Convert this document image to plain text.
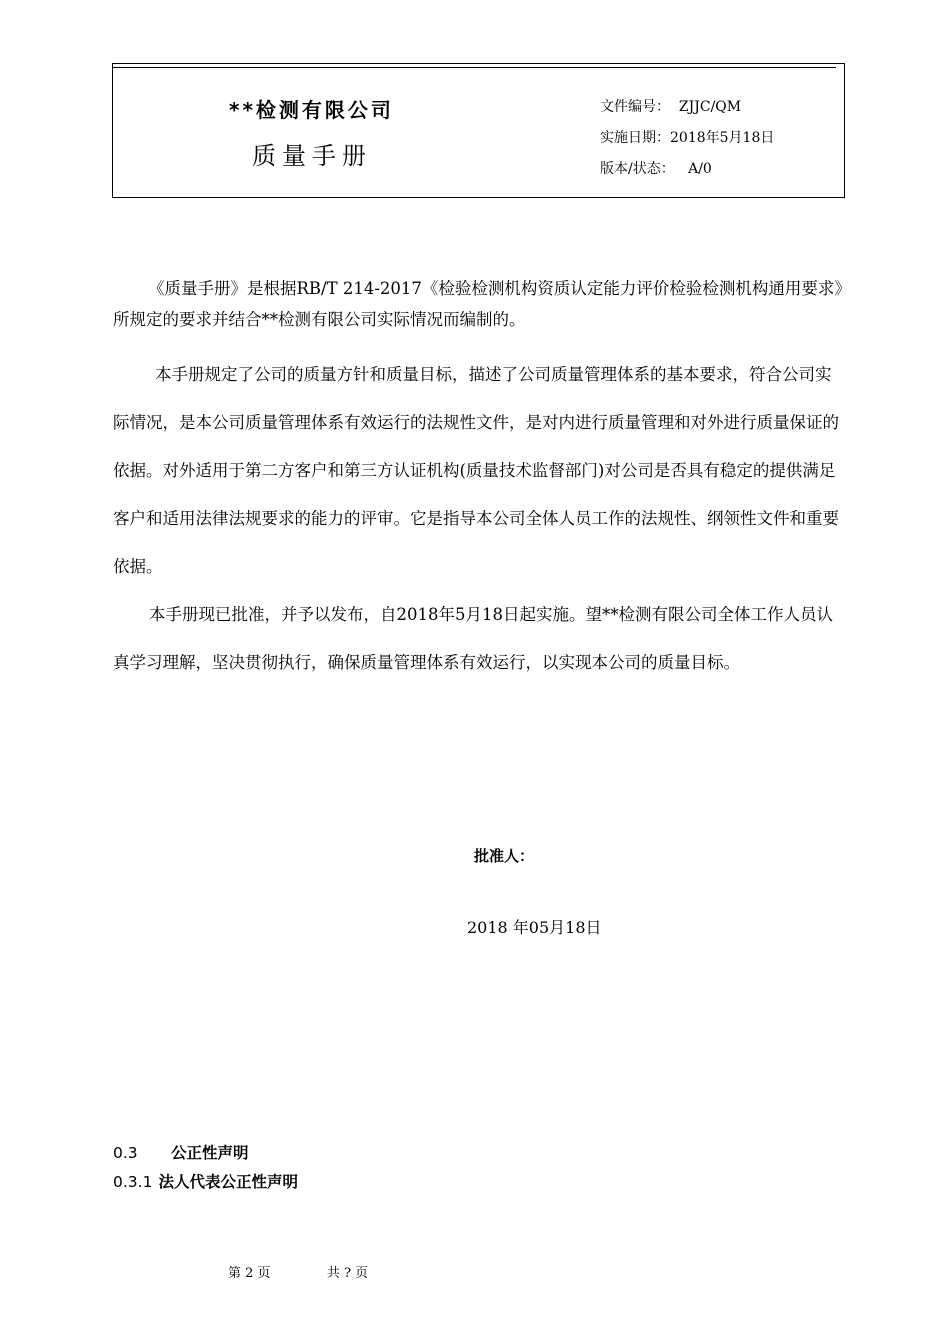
**检测有限公司
质量手册
文件编号： ZJJC/QM
实施日期：2018年5月18日
版本/状态： A/0

《质量手册》是根据RB/T 214-2017《检验检测机构资质认定能力评价检验检测机构通用要求》所规定的要求并结合**检测有限公司实际情况而编制的。

本手册规定了公司的质量方针和质量目标，描述了公司质量管理体系的基本要求，符合公司实际情况，是本公司质量管理体系有效运行的法规性文件，是对内进行质量管理和对外进行质量保证的依据。对外适用于第二方客户和第三方认证机构(质量技术监督部门)对公司是否具有稳定的提供满足客户和适用法律法规要求的能力的评审。它是指导本公司全体人员工作的法规性、纲领性文件和重要依据。

本手册现已批准，并予以发布，自2018年5月18日起实施。望**检测有限公司全体工作人员认真学习理解，坚决贯彻执行，确保质量管理体系有效运行，以实现本公司的质量目标。

批准人：
2018 年05月18日
0.3 公正性声明
0.3.1 法人代表公正性声明
第 2 页	共 ? 页
